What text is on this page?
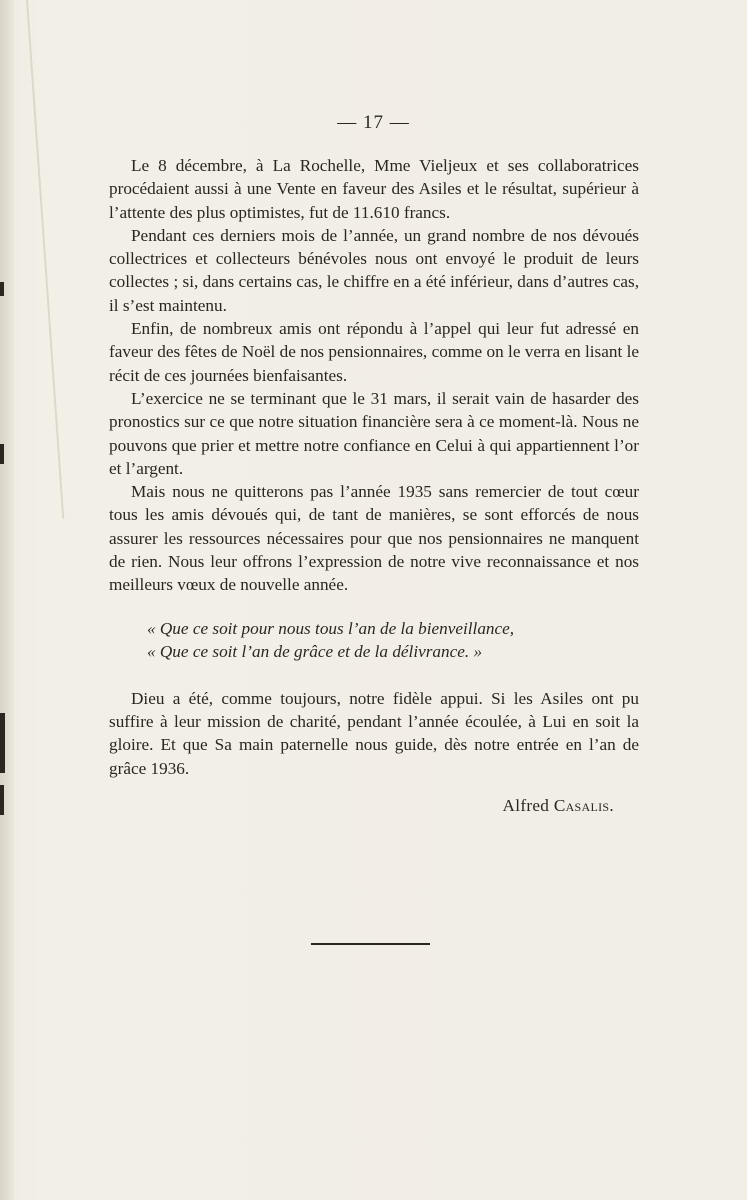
— 17 —

Le 8 décembre, à La Rochelle, Mme Vieljeux et ses collaboratrices procédaient aussi à une Vente en faveur des Asiles et le résultat, supérieur à l’attente des plus optimistes, fut de 11.610 francs.

Pendant ces derniers mois de l’année, un grand nombre de nos dévoués collectrices et collecteurs bénévoles nous ont envoyé le produit de leurs collectes ; si, dans certains cas, le chiffre en a été inférieur, dans d’autres cas, il s’est maintenu.

Enfin, de nombreux amis ont répondu à l’appel qui leur fut adressé en faveur des fêtes de Noël de nos pensionnaires, comme on le verra en lisant le récit de ces journées bienfaisantes.

L’exercice ne se terminant que le 31 mars, il serait vain de hasarder des pronostics sur ce que notre situation financière sera à ce moment-là. Nous ne pouvons que prier et mettre notre confiance en Celui à qui appartiennent l’or et l’argent.

Mais nous ne quitterons pas l’année 1935 sans remercier de tout cœur tous les amis dévoués qui, de tant de manières, se sont efforcés de nous assurer les ressources nécessaires pour que nos pensionnaires ne manquent de rien. Nous leur offrons l’expression de notre vive reconnaissance et nos meilleurs vœux de nouvelle année.

« Que ce soit pour nous tous l’an de la bienveillance,
« Que ce soit l’an de grâce et de la délivrance. »

Dieu a été, comme toujours, notre fidèle appui. Si les Asiles ont pu suffire à leur mission de charité, pendant l’année écoulée, à Lui en soit la gloire. Et que Sa main paternelle nous guide, dès notre entrée en l’an de grâce 1936.

Alfred Casalis.
